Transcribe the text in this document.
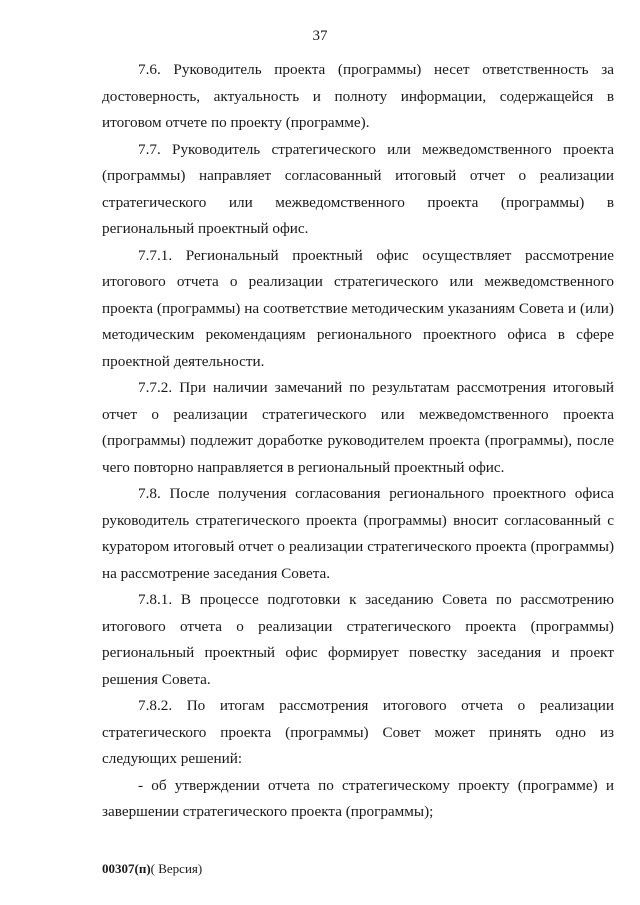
37

7.6. Руководитель проекта (программы) несет ответственность за достоверность, актуальность и полноту информации, содержащейся в итоговом отчете по проекту (программе).

7.7. Руководитель стратегического или межведомственного проекта (программы) направляет согласованный итоговый отчет о реализации стратегического или межведомственного проекта (программы) в региональный проектный офис.

7.7.1. Региональный проектный офис осуществляет рассмотрение итогового отчета о реализации стратегического или межведомственного проекта (программы) на соответствие методическим указаниям Совета и (или) методическим рекомендациям регионального проектного офиса в сфере проектной деятельности.

7.7.2. При наличии замечаний по результатам рассмотрения итоговый отчет о реализации стратегического или межведомственного проекта (программы) подлежит доработке руководителем проекта (программы), после чего повторно направляется в региональный проектный офис.

7.8. После получения согласования регионального проектного офиса руководитель стратегического проекта (программы) вносит согласованный с куратором итоговый отчет о реализации стратегического проекта (программы) на рассмотрение заседания Совета.

7.8.1. В процессе подготовки к заседанию Совета по рассмотрению итогового отчета о реализации стратегического проекта (программы) региональный проектный офис формирует повестку заседания и проект решения Совета.

7.8.2. По итогам рассмотрения итогового отчета о реализации стратегического проекта (программы) Совет может принять одно из следующих решений:

- об утверждении отчета по стратегическому проекту (программе) и завершении стратегического проекта (программы);

00307(п)( Версия)
